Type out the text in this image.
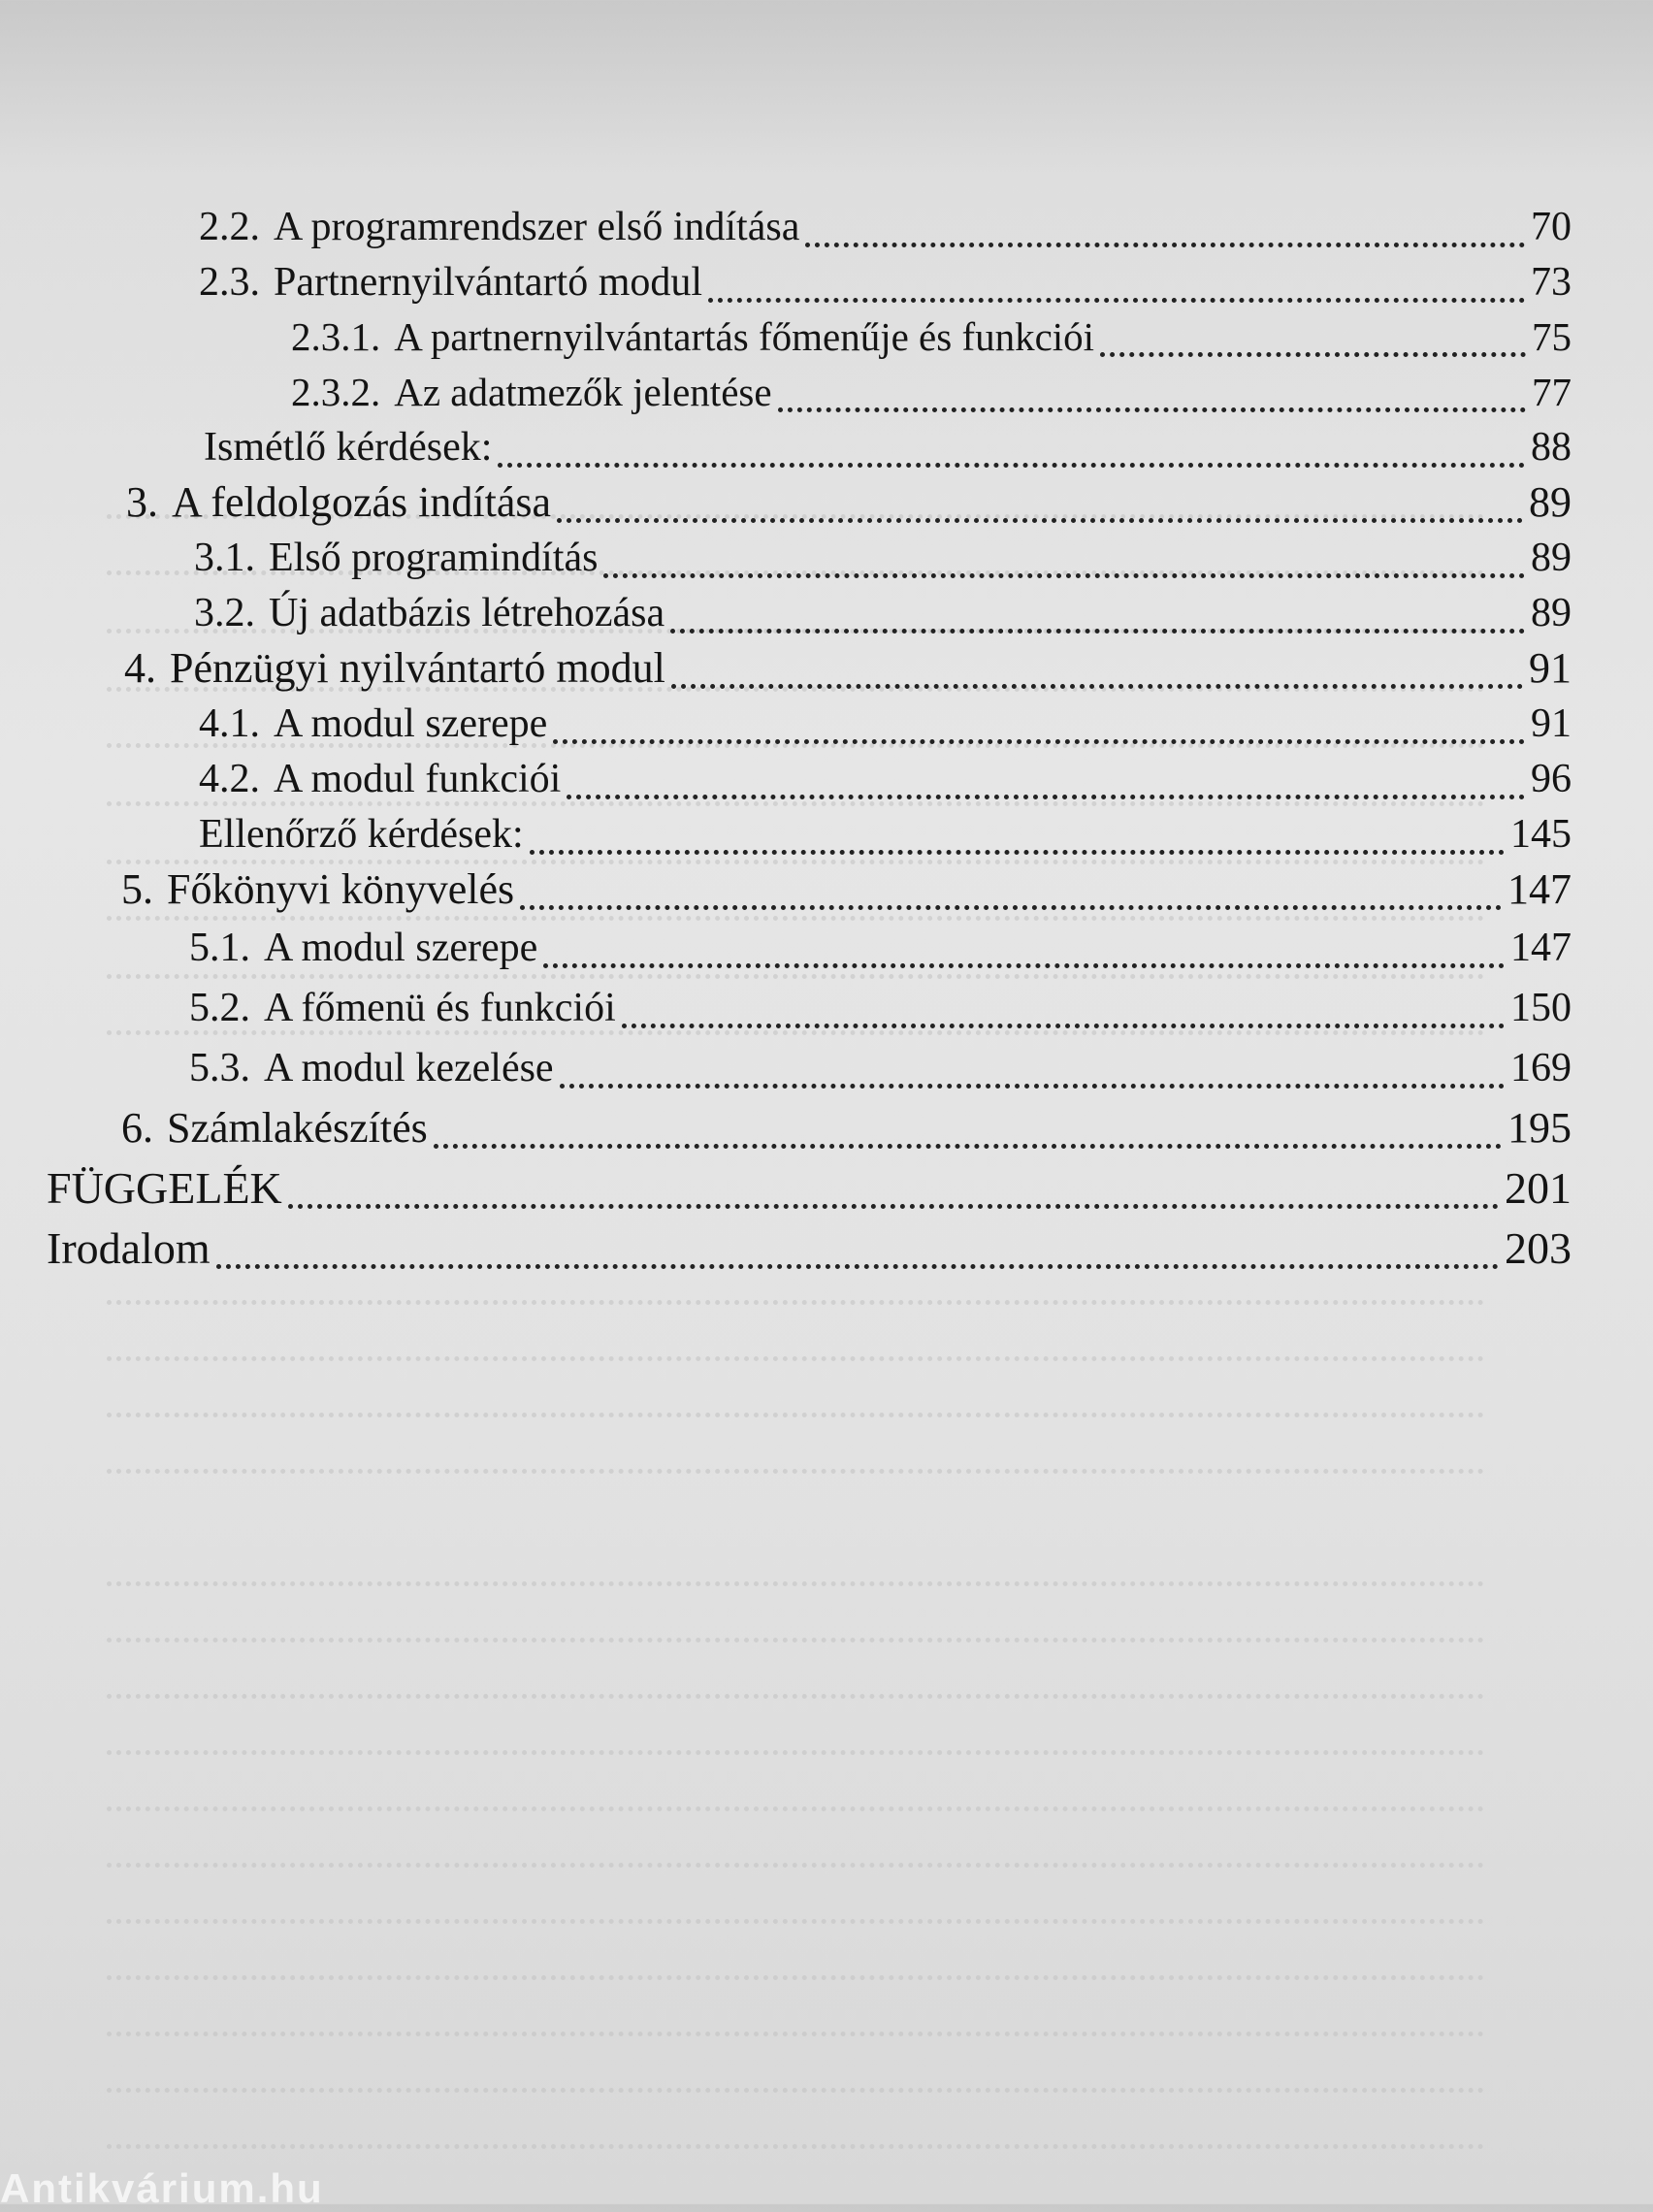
2.2. A programrendszer első indítása	70
2.3. Partnernyilvántartó modul	73
2.3.1. A partnernyilvántartás főmenűje és funkciói	75
2.3.2. Az adatmezők jelentése	77
Ismétlő kérdések:	88
3. A feldolgozás indítása	89
3.1. Első programindítás	89
3.2. Új adatbázis létrehozása	89
4. Pénzügyi nyilvántartó modul	91
4.1. A modul szerepe	91
4.2. A modul funkciói	96
Ellenőrző kérdések:	145
5. Főkönyvi könyvelés	147
5.1. A modul szerepe	147
5.2. A főmenü és funkciói	150
5.3. A modul kezelése	169
6. Számlakészítés	195
FÜGGELÉK	201
Irodalom	203
Antikvárium.hu
